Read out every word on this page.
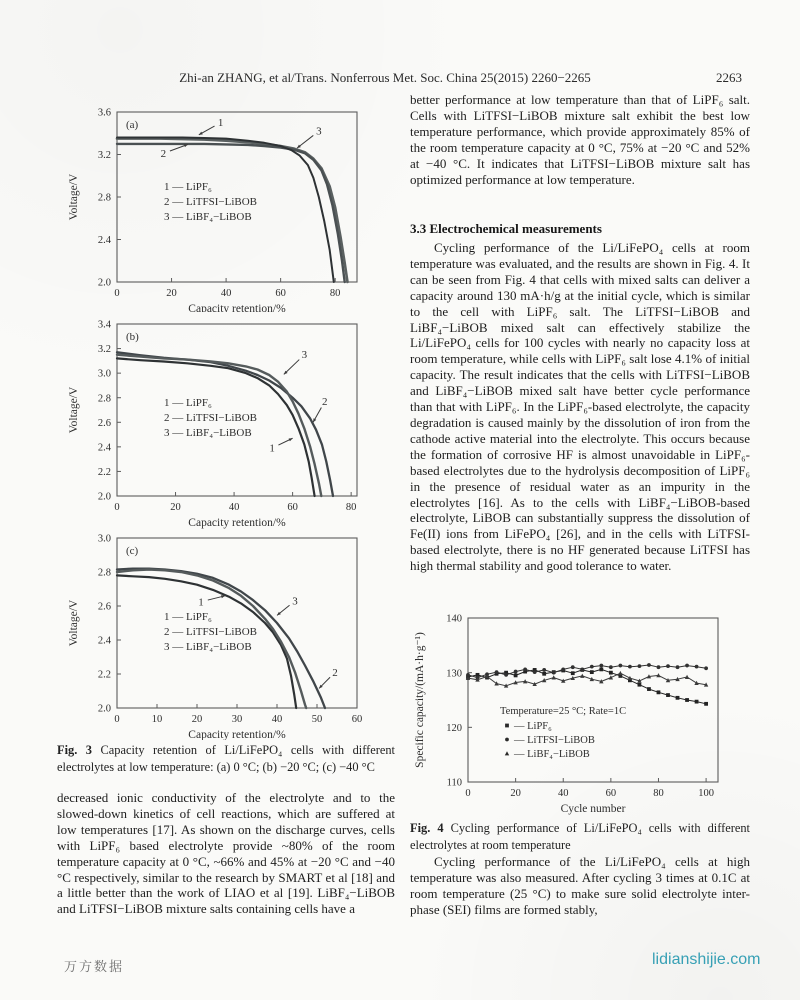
Zhi-an ZHANG, et al/Trans. Nonferrous Met. Soc. China 25(2015) 2260−2265	2263
0	20	40	60	80
2.0
2.4
2.8
3.2
3.6
Capacity retention/%
Voltage/V
(a)	1
2
3
1 — LiPF₆
2 — LiTFSI−LiBOB
3 — LiBF₄−LiBOB
0	20	40	60	80
2.0
2.2
2.4
2.6
2.8
3.0
3.2
3.4
Capacity retention/%
Voltage/V
(b)
3
2
1
1 — LiPF₆
2 — LiTFSI−LiBOB
3 — LiBF₄−LiBOB
0	10	20	30	40	50	60
2.0
2.2
2.4
2.6
2.8
3.0
Capacity retention/%
Voltage/V
(c)
1	3
2
1 — LiPF₆
2 — LiTFSI−LiBOB
3 — LiBF₄−LiBOB
Fig. 3 Capacity retention of Li/LiFePO₄ cells with different electrolytes at low temperature: (a) 0 °C; (b) −20 °C; (c) −40 °C
decreased ionic conductivity of the electrolyte and to the slowed-down kinetics of cell reactions, which are suffered at low temperatures [17]. As shown on the discharge curves, cells with LiPF₆ based electrolyte provide ~80% of the room temperature capacity at 0 °C, ~66% and 45% at −20 °C and −40 °C respectively, similar to the research by SMART et al [18] and a little better than the work of LIAO et al [19]. LiBF₄−LiBOB and LiTFSI−LiBOB mixture salts containing cells have a
better performance at low temperature than that of LiPF₆ salt. Cells with LiTFSI−LiBOB mixture salt exhibit the best low temperature performance, which provide approximately 85% of the room temperature capacity at 0 °C, 75% at −20 °C and 52% at −40 °C. It indicates that LiTFSI−LiBOB mixture salt has optimized performance at low temperature.
3.3 Electrochemical measurements
Cycling performance of the Li/LiFePO₄ cells at room temperature was evaluated, and the results are shown in Fig. 4. It can be seen from Fig. 4 that cells with mixed salts can deliver a capacity around 130 mA·h/g at the initial cycle, which is similar to the cell with LiPF₆ salt. The LiTFSI−LiBOB and LiBF₄−LiBOB mixed salt can effectively stabilize the Li/LiFePO₄ cells for 100 cycles with nearly no capacity loss at room temperature, while cells with LiPF₆ salt lose 4.1% of initial capacity. The result indicates that the cells with LiTFSI−LiBOB and LiBF₄−LiBOB mixed salt have better cycle performance than that with LiPF₆. In the LiPF₆-based electrolyte, the capacity degradation is caused mainly by the dissolution of iron from the cathode active material into the electrolyte. This occurs because the formation of corrosive HF is almost unavoidable in LiPF₆-based electrolytes due to the hydrolysis decomposition of LiPF₆ in the presence of residual water as an impurity in the electrolytes [16]. As to the cells with LiBF₄−LiBOB-based electrolyte, LiBOB can substantially suppress the dissolution of Fe(II) ions from LiFePO₄ [26], and in the cells with LiTFSI-based electrolyte, there is no HF generated because LiTFSI has high thermal stability and good tolerance to water.
0	20	40	60	80	100
110
120
130
140
Cycle number
Specific capacity/(mA·h·g⁻¹)	Temperature=25 °C; Rate=1C
— LiPF₆
— LiTFSI−LiBOB
— LiBF₄−LiBOB
Fig. 4 Cycling performance of Li/LiFePO₄ cells with different electrolytes at room temperature
Cycling performance of the Li/LiFePO₄ cells at high temperature was also measured. After cycling 3 times at 0.1C at room temperature (25 °C) to make sure solid electrolyte inter-phase (SEI) films are formed stably,
万方数据	lidianshijie.com
